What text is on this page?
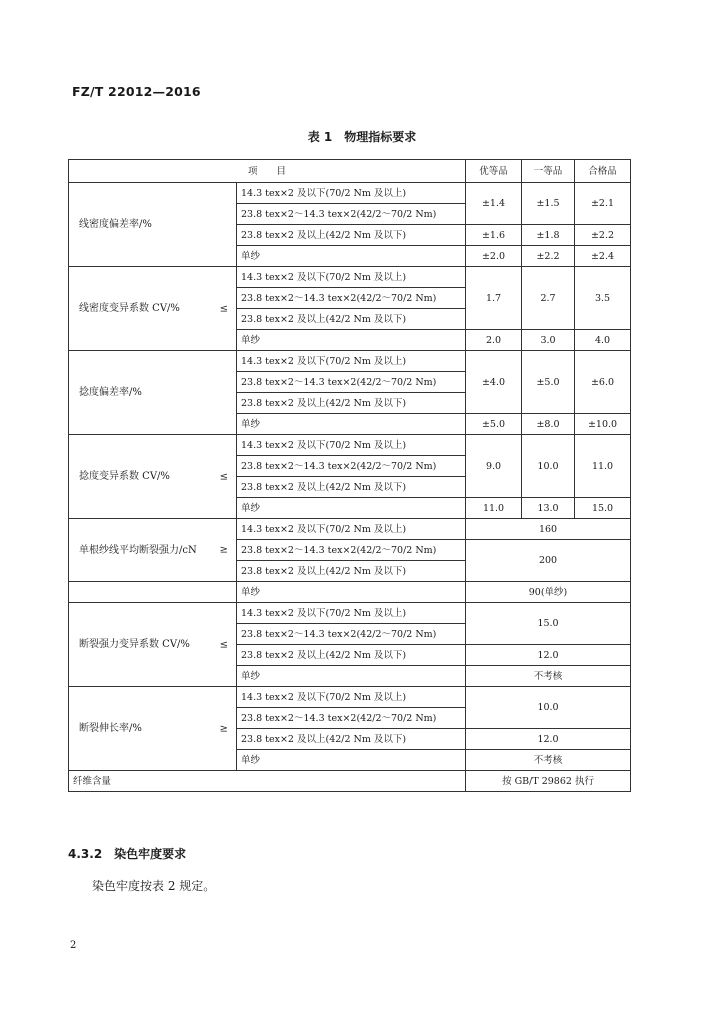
FZ/T 22012—2016
表 1　物理指标要求
项　　目		优等品	一等品	合格品
线密度偏差率/%	14.3 tex×2 及以下(70/2 Nm 及以上)	±1.4	±1.5	±2.1
	23.8 tex×2～14.3 tex×2(42/2～70/2 Nm)			
	23.8 tex×2 及以上(42/2 Nm 及以下)	±1.6	±1.8	±2.2
	单纱	±2.0	±2.2	±2.4
线密度变异系数 CV/% ≤	14.3 tex×2 及以下(70/2 Nm 及以上)	1.7	2.7	3.5
	23.8 tex×2～14.3 tex×2(42/2～70/2 Nm)			
	23.8 tex×2 及以上(42/2 Nm 及以下)			
	单纱	2.0	3.0	4.0
捻度偏差率/%	14.3 tex×2 及以下(70/2 Nm 及以上)	±4.0	±5.0	±6.0
	23.8 tex×2～14.3 tex×2(42/2～70/2 Nm)			
	23.8 tex×2 及以上(42/2 Nm 及以下)			
	单纱	±5.0	±8.0	±10.0
捻度变异系数 CV/% ≤	14.3 tex×2 及以下(70/2 Nm 及以上)	9.0	10.0	11.0
	23.8 tex×2～14.3 tex×2(42/2～70/2 Nm)			
	23.8 tex×2 及以上(42/2 Nm 及以下)			
	单纱	11.0	13.0	15.0
单根纱线平均断裂强力/cN ≥	14.3 tex×2 及以下(70/2 Nm 及以上)	160		
	23.8 tex×2～14.3 tex×2(42/2～70/2 Nm)	200		
	23.8 tex×2 及以上(42/2 Nm 及以下)			
	单纱	90(单纱)		
断裂强力变异系数 CV/% ≤	14.3 tex×2 及以下(70/2 Nm 及以上)	15.0		
	23.8 tex×2～14.3 tex×2(42/2～70/2 Nm)			
	23.8 tex×2 及以上(42/2 Nm 及以下)	12.0		
	单纱	不考核		
断裂伸长率/% ≥	14.3 tex×2 及以下(70/2 Nm 及以上)	10.0		
	23.8 tex×2～14.3 tex×2(42/2～70/2 Nm)			
	23.8 tex×2 及以上(42/2 Nm 及以下)	12.0		
	单纱	不考核		
纤维含量		按 GB/T 29862 执行		
4.3.2　染色牢度要求
染色牢度按表 2 规定。
2
